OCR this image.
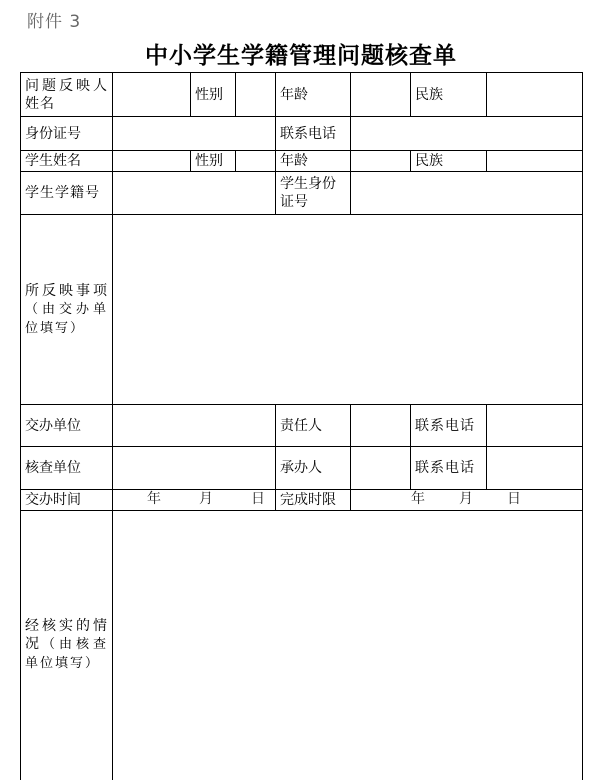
附件 3
中小学生学籍管理问题核查单
问题反映人姓名		性别		年龄		民族	
身份证号				联系电话			
学生姓名		性别		年龄		民族	
学生学籍号				学生身份证号			
所反映事项（由交办单位填写）							
交办单位				责任人		联系电话	
核查单位				承办人		联系电话	
交办时间	年 月 日			完成时限	年 月 日		

经核实的情况（由核查单位填写）							
